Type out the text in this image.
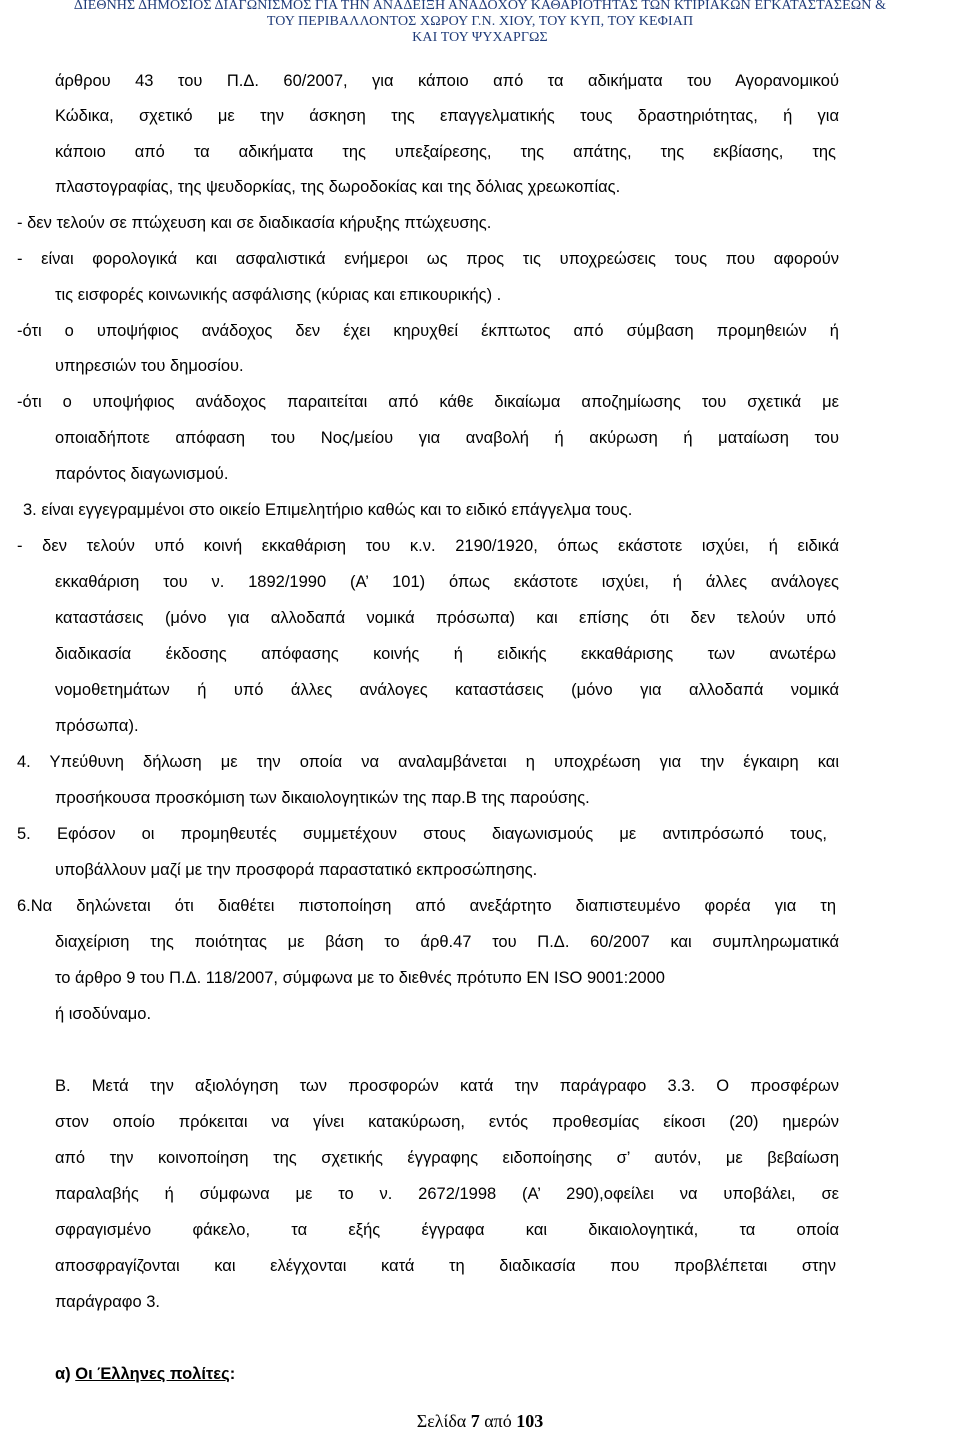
ΔΙΕΘΝΗΣ ΔΗΜΟΣΙΟΣ ΔΙΑΓΩΝΙΣΜΟΣ ΓΙΑ ΤΗΝ ΑΝΑΔΕΙΞΗ ΑΝΑΔΟΧΟΥ ΚΑΘΑΡΙΟΤΗΤΑΣ ΤΩΝ ΚΤΙΡΙΑΚΩΝ ΕΓΚΑΤΑΣΤΑΣΕΩΝ &
ΤΟΥ ΠΕΡΙΒΑΛΛΟΝΤΟΣ ΧΩΡΟΥ Γ.Ν. ΧΙΟΥ, ΤΟΥ ΚΥΠ, ΤΟΥ ΚΕΦΙΑΠ
ΚΑΙ ΤΟΥ ΨΥΧΑΡΓΩΣ
άρθρου 43 του Π.Δ. 60/2007, για κάποιο από τα αδικήματα του Αγορανομικού
Κώδικα, σχετικό με την άσκηση της επαγγελματικής τους δραστηριότητας, ή για
κάποιο από τα αδικήματα της υπεξαίρεσης, της απάτης, της εκβίασης, της
πλαστογραφίας, της ψευδορκίας, της δωροδοκίας και της δόλιας χρεωκοπίας.
- δεν τελούν σε πτώχευση και σε διαδικασία κήρυξης πτώχευσης.
- είναι φορολογικά και ασφαλιστικά ενήμεροι ως προς τις υποχρεώσεις τους που αφορούν
τις εισφορές κοινωνικής ασφάλισης (κύριας και επικουρικής) .
-ότι ο υποψήφιος ανάδοχος δεν έχει κηρυχθεί έκπτωτος από σύμβαση προμηθειών ή
υπηρεσιών του δημοσίου.
-ότι ο υποψήφιος ανάδοχος παραιτείται από κάθε δικαίωμα αποζημίωσης του σχετικά με
οποιαδήποτε απόφαση του Νος/μείου για αναβολή ή ακύρωση ή ματαίωση του
παρόντος διαγωνισμού.
3. είναι εγγεγραμμένοι στο οικείο Επιμελητήριο καθώς και το ειδικό επάγγελμα τους.
- δεν τελούν υπό κοινή εκκαθάριση του κ.ν. 2190/1920, όπως εκάστοτε ισχύει, ή ειδικά
εκκαθάριση του ν. 1892/1990 (Α’ 101) όπως εκάστοτε ισχύει, ή άλλες ανάλογες
καταστάσεις (μόνο για αλλοδαπά νομικά πρόσωπα) και επίσης ότι δεν τελούν υπό
διαδικασία έκδοσης απόφασης κοινής ή ειδικής εκκαθάρισης των ανωτέρω
νομοθετημάτων ή υπό άλλες ανάλογες καταστάσεις (μόνο για αλλοδαπά νομικά
πρόσωπα).
4. Υπεύθυνη δήλωση με την οποία να αναλαμβάνεται η υποχρέωση για την έγκαιρη και
προσήκουσα προσκόμιση των δικαιολογητικών της παρ.Β της παρούσης.
5. Εφόσον οι προμηθευτές συμμετέχουν στους διαγωνισμούς με αντιπρόσωπό τους,
υποβάλλουν μαζί με την προσφορά παραστατικό εκπροσώπησης.
6.Να δηλώνεται ότι διαθέτει πιστοποίηση από ανεξάρτητο διαπιστευμένο φορέα για τη
διαχείριση της ποιότητας με βάση το άρθ.47 του Π.Δ. 60/2007 και συμπληρωματικά
το άρθρο 9 του Π.Δ. 118/2007, σύμφωνα με το διεθνές πρότυπο EN ISO 9001:2000
ή ισοδύναμο.
Β. Μετά την αξιολόγηση των προσφορών κατά την παράγραφο 3.3. Ο προσφέρων
στον οποίο πρόκειται να γίνει κατακύρωση, εντός προθεσμίας είκοσι (20) ημερών
από την κοινοποίηση της σχετικής έγγραφης ειδοποίησης σ’ αυτόν, με βεβαίωση
παραλαβής ή σύμφωνα με το ν. 2672/1998 (Α’ 290),οφείλει να υποβάλει, σε
σφραγισμένο φάκελο, τα εξής έγγραφα και δικαιολογητικά, τα οποία
αποσφραγίζονται και ελέγχονται κατά τη διαδικασία που προβλέπεται στην
παράγραφο 3.
α) Οι Έλληνες πολίτες:
Σελίδα 7 από 103
